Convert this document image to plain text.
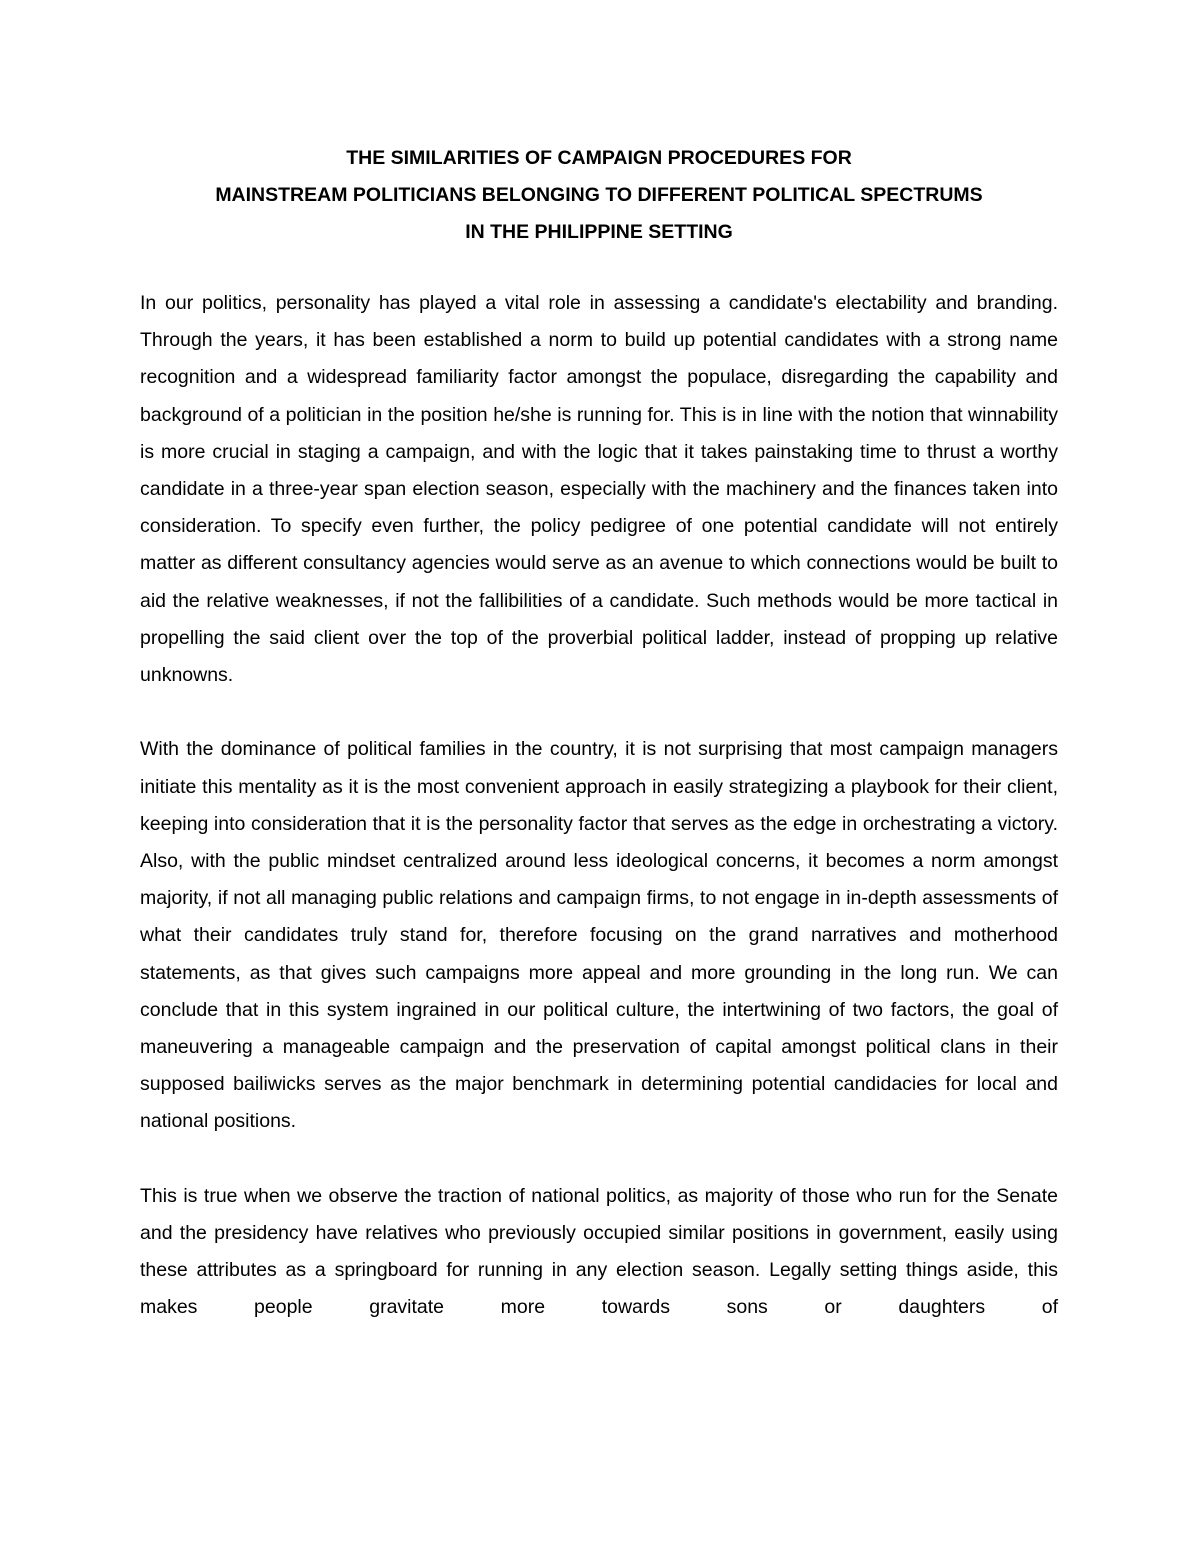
THE SIMILARITIES OF CAMPAIGN PROCEDURES FOR
MAINSTREAM POLITICIANS BELONGING TO DIFFERENT POLITICAL SPECTRUMS
IN THE PHILIPPINE SETTING

In our politics, personality has played a vital role in assessing a candidate's electability and branding. Through the years, it has been established a norm to build up potential candidates with a strong name recognition and a widespread familiarity factor amongst the populace, disregarding the capability and background of a politician in the position he/she is running for. This is in line with the notion that winnability is more crucial in staging a campaign, and with the logic that it takes painstaking time to thrust a worthy candidate in a three-year span election season, especially with the machinery and the finances taken into consideration. To specify even further, the policy pedigree of one potential candidate will not entirely matter as different consultancy agencies would serve as an avenue to which connections would be built to aid the relative weaknesses, if not the fallibilities of a candidate. Such methods would be more tactical in propelling the said client over the top of the proverbial political ladder, instead of propping up relative unknowns.

With the dominance of political families in the country, it is not surprising that most campaign managers initiate this mentality as it is the most convenient approach in easily strategizing a playbook for their client, keeping into consideration that it is the personality factor that serves as the edge in orchestrating a victory. Also, with the public mindset centralized around less ideological concerns, it becomes a norm amongst majority, if not all managing public relations and campaign firms, to not engage in in-depth assessments of what their candidates truly stand for, therefore focusing on the grand narratives and motherhood statements, as that gives such campaigns more appeal and more grounding in the long run. We can conclude that in this system ingrained in our political culture, the intertwining of two factors, the goal of maneuvering a manageable campaign and the preservation of capital amongst political clans in their supposed bailiwicks serves as the major benchmark in determining potential candidacies for local and national positions.

This is true when we observe the traction of national politics, as majority of those who run for the Senate and the presidency have relatives who previously occupied similar positions in government, easily using these attributes as a springboard for running in any election season. Legally setting things aside, this makes people gravitate more towards sons or daughters of
